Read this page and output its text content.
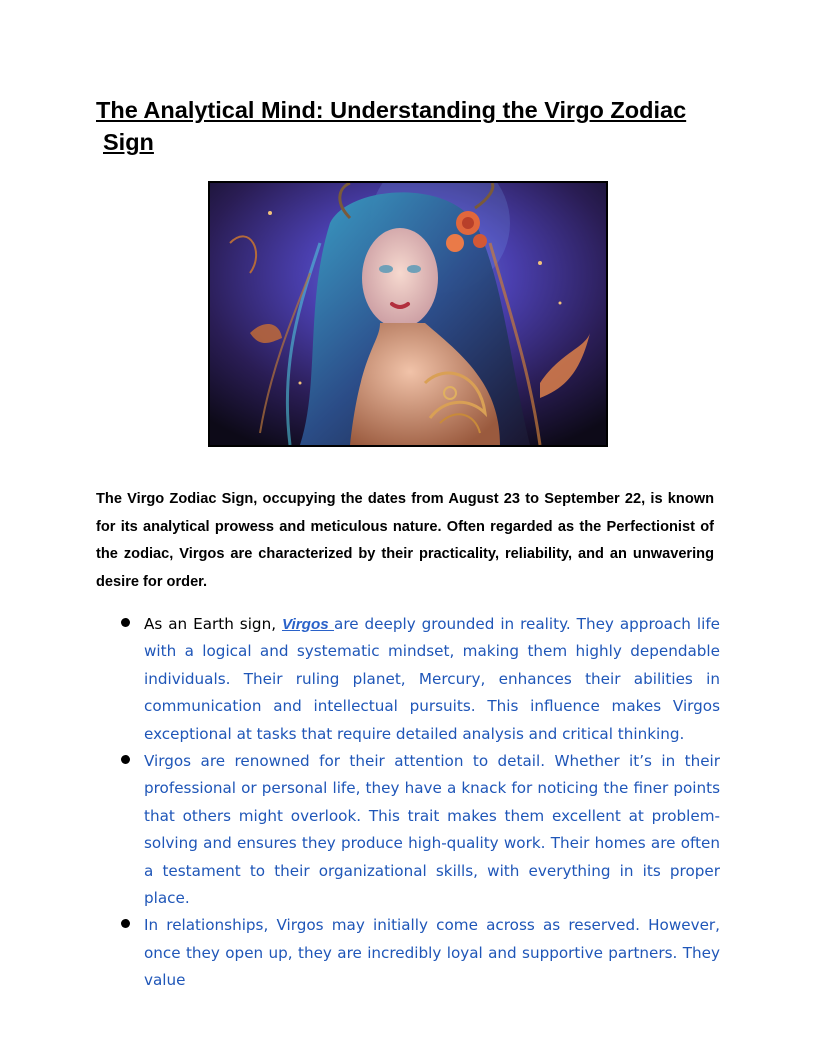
The Analytical Mind: Understanding the Virgo Zodiac
Sign

The Virgo Zodiac Sign, occupying the dates from August 23 to September 22, is known for its analytical prowess and meticulous nature. Often regarded as the Perfectionist of the zodiac, Virgos are characterized by their practicality, reliability, and an unwavering desire for order.

As an Earth sign, Virgos are deeply grounded in reality. They approach life with a logical and systematic mindset, making them highly dependable individuals. Their ruling planet, Mercury, enhances their abilities in communication and intellectual pursuits. This influence makes Virgos exceptional at tasks that require detailed analysis and critical thinking.
Virgos are renowned for their attention to detail. Whether it’s in their professional or personal life, they have a knack for noticing the finer points that others might overlook. This trait makes them excellent at problem-solving and ensures they produce high-quality work. Their homes are often a testament to their organizational skills, with everything in its proper place.
In relationships, Virgos may initially come across as reserved. However, once they open up, they are incredibly loyal and supportive partners. They value
